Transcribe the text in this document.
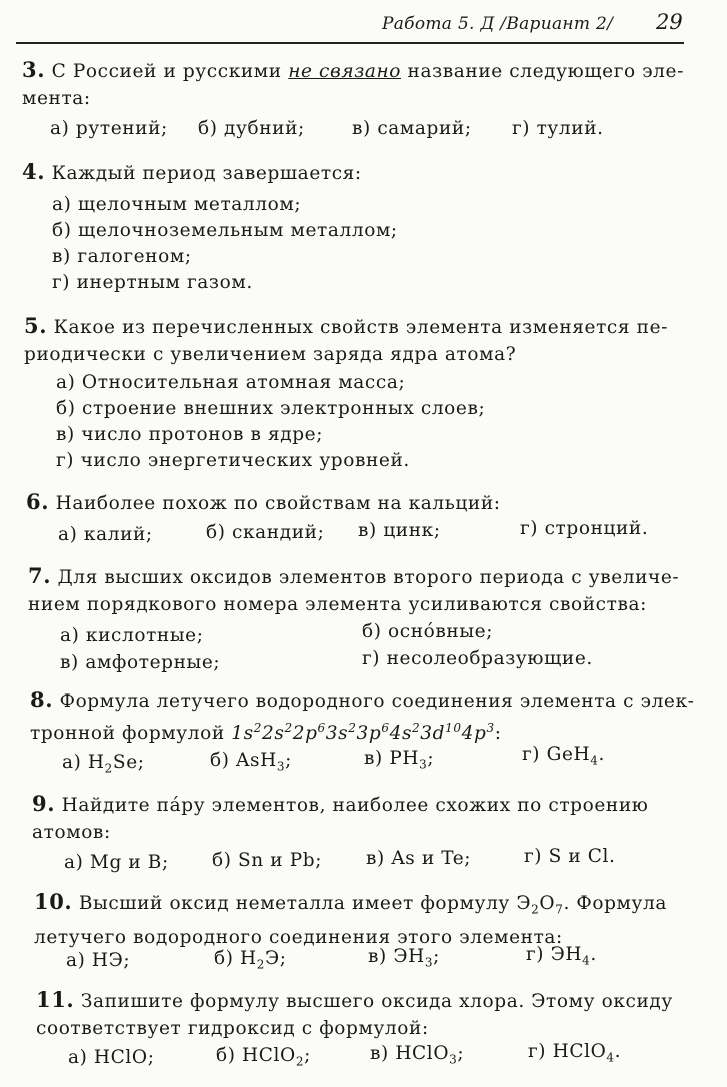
Работа 5. Д /Вариант 2/ 29
3. С Россией и русскими не связано название следующего эле-
мента:
а) рутений; б) дубний;	в) самарий; г) тулий.
4. Каждый период завершается:
а) щелочным металлом;
б) щелочноземельным металлом;
в) галогеном;
г) инертным газом.
5. Какое из перечисленных свойств элемента изменяется пе-
риодически с увеличением заряда ядра атома?
а) Относительная атомная масса;
б) строение внешних электронных слоев;
в) число протонов в ядре;
г) число энергетических уровней.
6. Наиболее похож по свойствам на кальций:
а) калий;	б) скандий; в) цинк;	г) стронций.
7. Для высших оксидов элементов второго периода с увеличе-
нием порядкового номера элемента усиливаются свойства:
а) кислотные;	б) осно́вные;
в) амфотерные;	г) несолеобразующие.
8. Формула летучего водородного соединения элемента с элек-
тронной формулой $1s^22s^22p^63s^23p^64s^23d^{10}4p^3$:
а) $H_2Se$;	б) AsH$_3$;	в) $PH_3$;	г) GeH$_4$.
9. Найдите па́ру элементов, наиболее схожих по строению
атомов:
а) Mg и B; б) Sn и Pb; в) As и Te;	г) S и Cl.
10. Высший оксид неметалла имеет формулу $Э_2O_7$. Формула
летучего водородного соединения этого элемента:
а) НЭ;	б) $H_2Э$;	в) $ЭH_3$;	г) $ЭH_4$.
11. Запишите формулу высшего оксида хлора. Этому оксиду
соответствует гидроксид с формулой:
а) HClO;	б) HClO$_2$;	в) HClO$_3$;	г) HClO$_4$.
